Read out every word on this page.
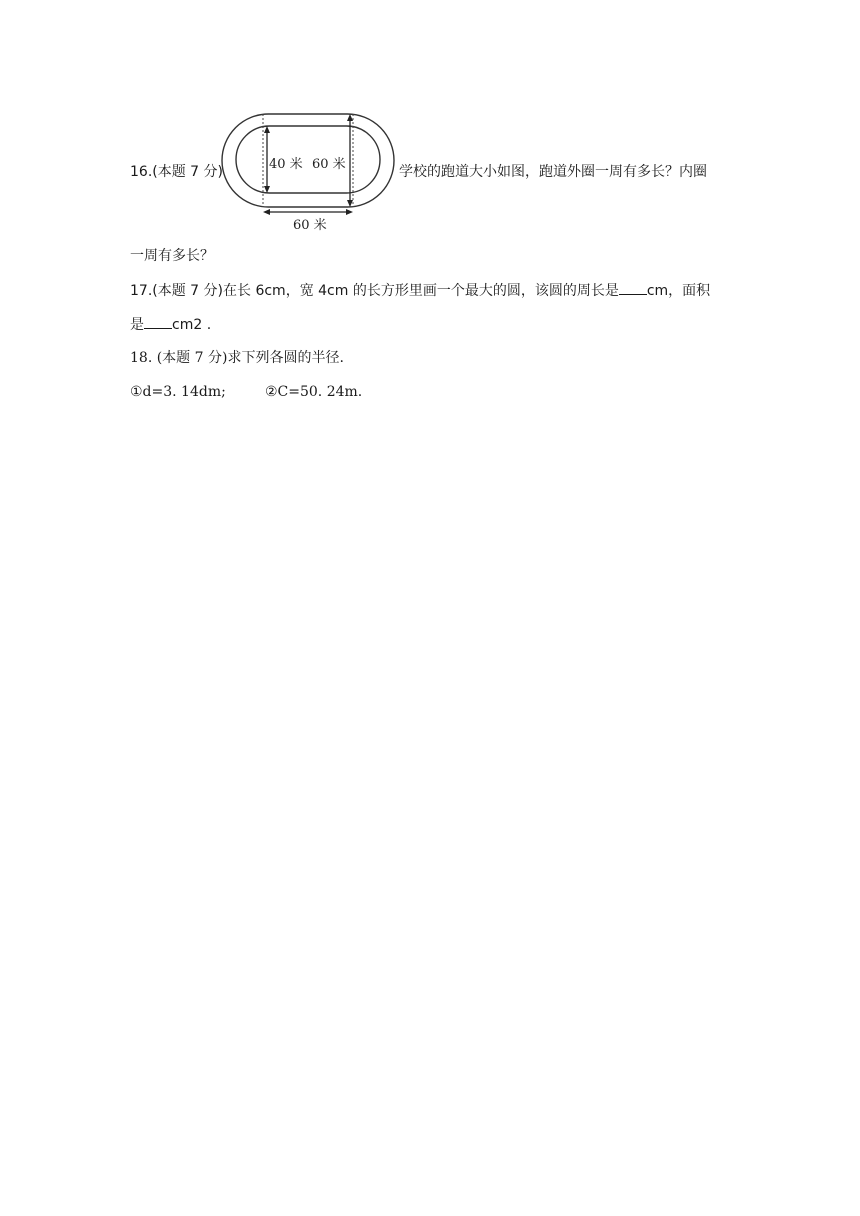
16.(本题 7 分)	40 米 60 米
60 米
学校的跑道大小如图，跑道外圈一周有多长？内圈
一周有多长？
17.(本题 7 分)在长 6cm，宽 4cm 的长方形里画一个最大的圆，该圆的周长是 cm，面积
是 cm2 .
18. (本题 7 分)求下列各圆的半径.
①d=3. 14dm;	②C=50. 24m.
